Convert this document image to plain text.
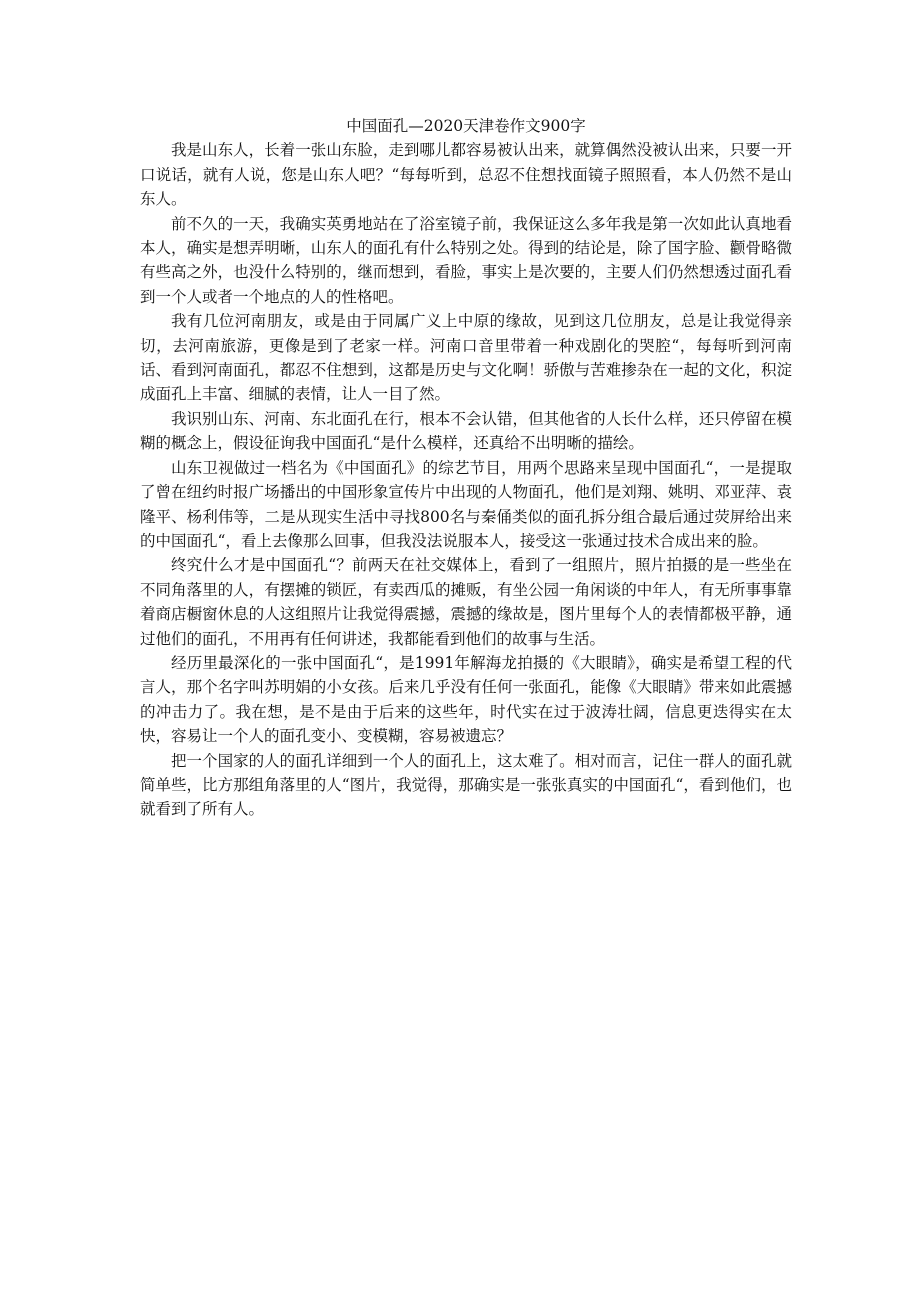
中国面孔—2020天津卷作文900字

我是山东人，长着一张山东脸，走到哪儿都容易被认出来，就算偶然没被认出来，只要一开口说话，就有人说，您是山东人吧？“每每听到，总忍不住想找面镜子照照看，本人仍然不是山东人。

前不久的一天，我确实英勇地站在了浴室镜子前，我保证这么多年我是第一次如此认真地看本人，确实是想弄明晰，山东人的面孔有什么特别之处。得到的结论是，除了国字脸、颧骨略微有些高之外，也没什么特别的，继而想到，看脸，事实上是次要的，主要人们仍然想透过面孔看到一个人或者一个地点的人的性格吧。

我有几位河南朋友，或是由于同属广义上中原的缘故，见到这几位朋友，总是让我觉得亲切，去河南旅游，更像是到了老家一样。河南口音里带着一种戏剧化的哭腔“，每每听到河南话、看到河南面孔，都忍不住想到，这都是历史与文化啊！骄傲与苦难掺杂在一起的文化，积淀成面孔上丰富、细腻的表情，让人一目了然。

我识别山东、河南、东北面孔在行，根本不会认错，但其他省的人长什么样，还只停留在模糊的概念上，假设征询我中国面孔“是什么模样，还真给不出明晰的描绘。

山东卫视做过一档名为《中国面孔》的综艺节目，用两个思路来呈现中国面孔“，一是提取了曾在纽约时报广场播出的中国形象宣传片中出现的人物面孔，他们是刘翔、姚明、邓亚萍、袁隆平、杨利伟等，二是从现实生活中寻找800名与秦俑类似的面孔拆分组合最后通过荧屏给出来的中国面孔“，看上去像那么回事，但我没法说服本人，接受这一张通过技术合成出来的脸。

终究什么才是中国面孔“？前两天在社交媒体上，看到了一组照片，照片拍摄的是一些坐在不同角落里的人，有摆摊的锁匠，有卖西瓜的摊贩，有坐公园一角闲谈的中年人，有无所事事靠着商店橱窗休息的人这组照片让我觉得震撼，震撼的缘故是，图片里每个人的表情都极平静，通过他们的面孔，不用再有任何讲述，我都能看到他们的故事与生活。

经历里最深化的一张中国面孔“，是1991年解海龙拍摄的《大眼睛》，确实是希望工程的代言人，那个名字叫苏明娟的小女孩。后来几乎没有任何一张面孔，能像《大眼睛》带来如此震撼的冲击力了。我在想，是不是由于后来的这些年，时代实在过于波涛壮阔，信息更迭得实在太快，容易让一个人的面孔变小、变模糊，容易被遗忘？

把一个国家的人的面孔详细到一个人的面孔上，这太难了。相对而言，记住一群人的面孔就简单些，比方那组角落里的人“图片，我觉得，那确实是一张张真实的中国面孔“，看到他们，也就看到了所有人。
